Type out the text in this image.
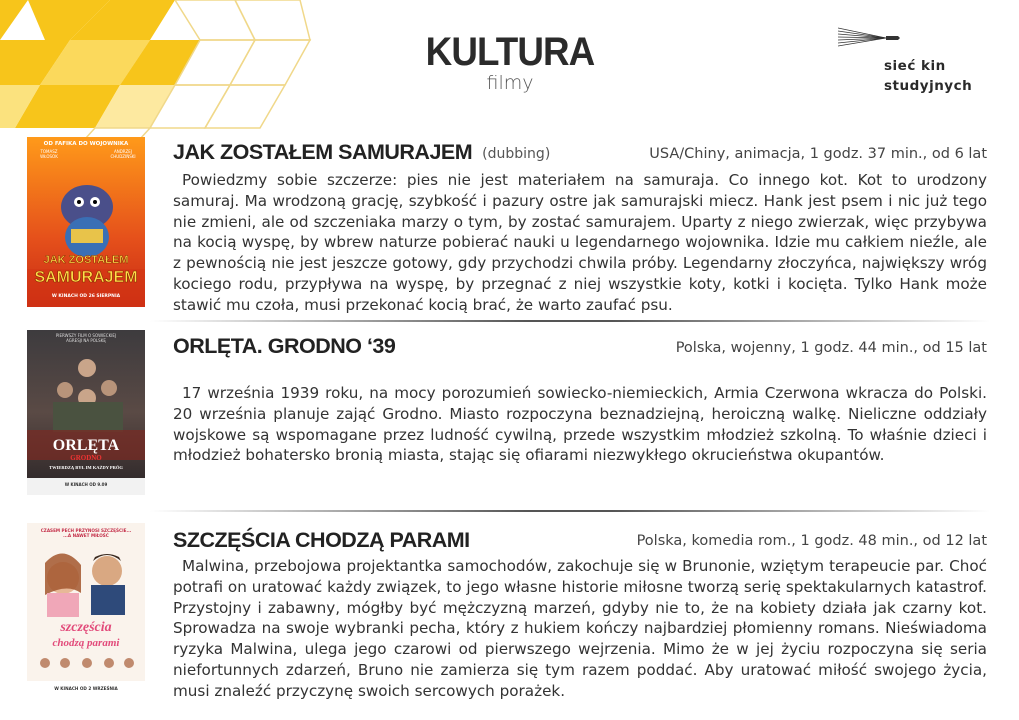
KULTURA
filmy
sieć kin
studyjnych
OD FAFIKA DO WOJOWNIKA
TOMASZ WŁOSOK
ANDRZEJ CHUDZIŃSKI
JAK ZOSTAŁEM
SAMURAJEM
W KINACH OD 26 SIERPNIA
JAK ZOSTAŁEM SAMURAJEM (dubbing)	USA/Chiny, animacja, 1 godz. 37 min., od 6 lat
Powiedzmy sobie szczerze: pies nie jest materiałem na samuraja. Co innego kot. Kot to urodzony samuraj. Ma wrodzoną grację, szybkość i pazury ostre jak samurajski miecz. Hank jest psem i nic już tego nie zmieni, ale od szczeniaka marzy o tym, by zostać samurajem. Uparty z niego zwierzak, więc przybywa na kocią wyspę, by wbrew naturze pobierać nauki u legendarnego wojownika. Idzie mu całkiem nieźle, ale z pewnością nie jest jeszcze gotowy, gdy przychodzi chwila próby. Legendarny złoczyńca, największy wróg kociego rodu, przypływa na wyspę, by przegnać z niej wszystkie koty, kotki i kocięta. Tylko Hank może stawić mu czoła, musi przekonać kocią brać, że warto zaufać psu.
PIERWSZY FILM O SOWIECKIEJ AGRESJI NA POLSKĘ
ORLĘTA
GRODNO
TWIERDZĄ BYŁ IM KAŻDY PRÓG
W KINACH OD 9.09
ORLĘTA. GRODNO ‘39	Polska, wojenny, 1 godz. 44 min., od 15 lat
17 września 1939 roku, na mocy porozumień sowiecko-niemieckich, Armia Czerwona wkracza do Polski. 20 września planuje zająć Grodno. Miasto rozpoczyna beznadziejną, heroiczną walkę. Nieliczne oddziały wojskowe są wspomagane przez ludność cywilną, przede wszystkim młodzież szkolną. To właśnie dzieci i młodzież bohatersko bronią miasta, stając się ofiarami niezwykłego okrucieństwa okupantów.
CZASEM PECH PRZYNOSI SZCZĘŚCIE... ...A NAWET MIŁOŚĆ
szczęścia
chodzą parami
W KINACH OD 2 WRZEŚNIA
SZCZĘŚCIA CHODZĄ PARAMI	Polska, komedia rom., 1 godz. 48 min., od 12 lat
Malwina, przebojowa projektantka samochodów, zakochuje się w Brunonie, wziętym terapeucie par. Choć potrafi on uratować każdy związek, to jego własne historie miłosne tworzą serię spektakularnych katastrof. Przystojny i zabawny, mógłby być mężczyzną marzeń, gdyby nie to, że na kobiety działa jak czarny kot. Sprowadza na swoje wybranki pecha, który z hukiem kończy najbardziej płomienny romans. Nieświadoma ryzyka Malwina, ulega jego czarowi od pierwszego wejrzenia. Mimo że w jej życiu rozpoczyna się seria niefortunnych zdarzeń, Bruno nie zamierza się tym razem poddać. Aby uratować miłość swojego życia, musi znaleźć przyczynę swoich sercowych porażek.
